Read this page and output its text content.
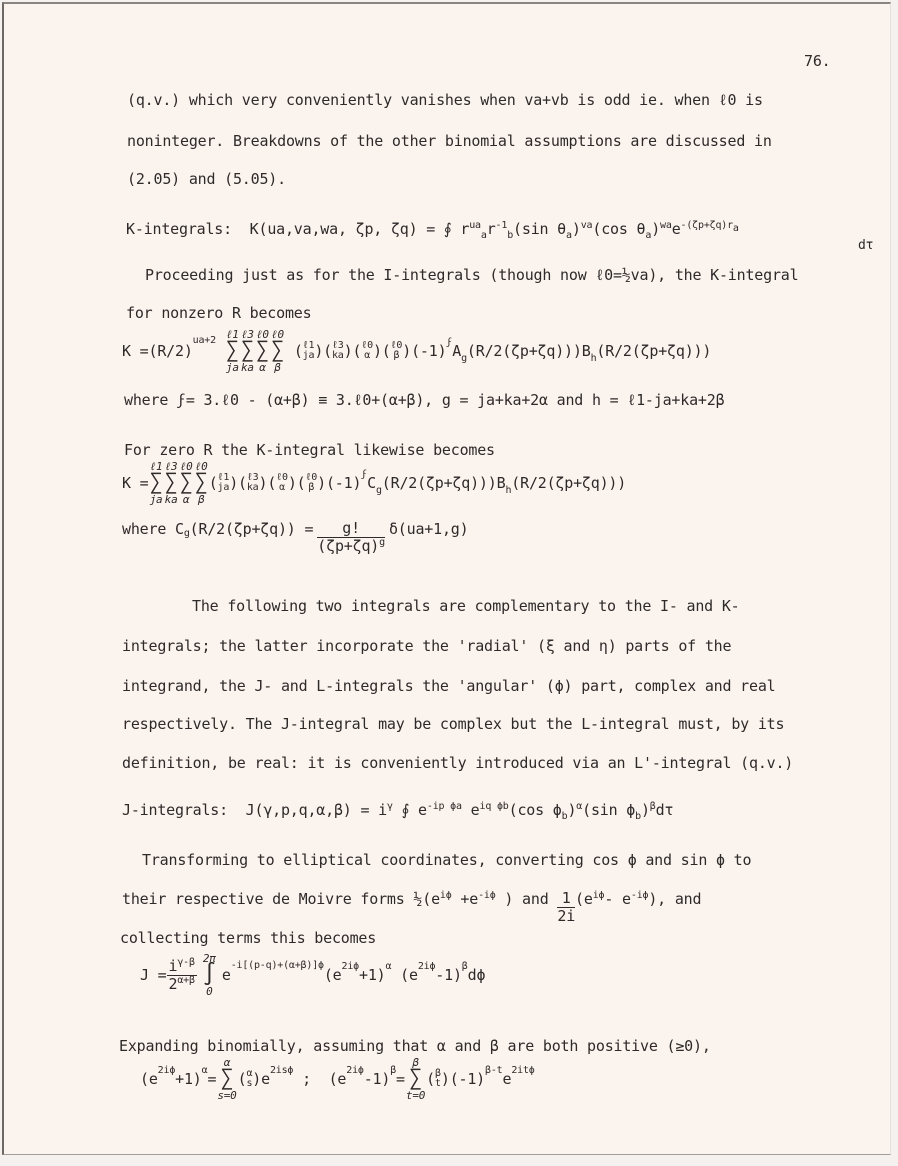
76.
(q.v.) which very conveniently vanishes when va+vb is odd ie. when ℓ0 is
noninteger. Breakdowns of the other binomial assumptions are discussed in
(2.05) and (5.05).
K-integrals: K(ua,va,wa, ζp, ζq) = ∮ $r^{ua}_ar^{-1}_b(\sin$ $\theta_a)^{va}(\cos$ $\theta_a)^{wa}e^{-(\zeta p+\zeta q)r_a}$
dτ
Proceeding just as for the I-integrals (though now ℓ0=½va), the K-integral
for nonzero R becomes
K = (R/2)
$^{ua+2}$
ℓ1
∑
ja
ℓ3
∑
ka
ℓ0
∑
α
ℓ0
∑
β
( ℓ1
ja )( ℓ3
ka )( ℓ0
α )( ℓ0
β ) $(-1)^ϝ$ $A_g$ (R/2(ζp+ζq)) ) $B_h$ (R/2(ζp+ζq)) )
where ϝ= 3.ℓ0 - (α+β) ≡ 3.ℓ0+(α+β), g = ja+ka+2α and h = ℓ1-ja+ka+2β
For zero R the K-integral likewise becomes
K =
ℓ1
∑
ja
ℓ3
∑
ka
ℓ0
∑
α
ℓ0
∑
β
( ℓ1
ja )( ℓ3
ka )( ℓ0
α )( ℓ0
β ) $(-1)^ϝ$ $C_g$ (R/2(ζp+ζq)) ) $B_h$ (R/2(ζp+ζq)) )
where $C_g$ $(R/2(\zeta p+\zeta q)) = \frac{g!}{(\zeta p+\zeta q)^g} \delta(ua+1,g)$
The following two integrals are complementary to the I- and K-
integrals; the latter incorporate the 'radial' (ξ and η) parts of the
integrand, the J- and L-integrals the 'angular' (ϕ) part, complex and real
respectively. The J-integral may be complex but the L-integral must, by its
definition, be real: it is conveniently introduced via an L'-integral (q.v.)
J-integrals: $J(\gamma,p,q,\alpha,\beta) = i^\gamma$ ∮ $e^{-ip \phi a}$ $e^{iq \phi b}(\cos$ $\phi_b)^\alpha(\sin$ $\phi_b)^\beta d\tau$
Transforming to elliptical coordinates, converting cos ϕ and sin ϕ to
their respective de Moivre forms $\frac{1}{2}(e^{i\phi} +e^{-i\phi}$ ) and $\frac{1}{2i} (e^{i\phi}-$ $e^{-i\phi}$), and
collecting terms this becomes
$J = \frac{i^{\gamma-\beta}}{2^{\alpha+\beta}} 2\pi$
∫
0
e
$^{-i[(p-q)+(\alpha+\beta)]\phi}$
$(e^{2i\phi} +1)^\alpha$
($e^{2i\phi}$ -1)$^\beta$ dϕ
Expanding binomially, assuming that α and β are both positive (≥0),
$(e^{2i\phi} +1)^\alpha$ =
α
∑
s=0
( α
s ) $e^{2is\phi}$ ; ($e^{2i\phi}$ -1)$^\beta$ =
β
∑
t=0
( β
t ) $(-1)^{\beta-t}$ $e^{2it\phi}$
